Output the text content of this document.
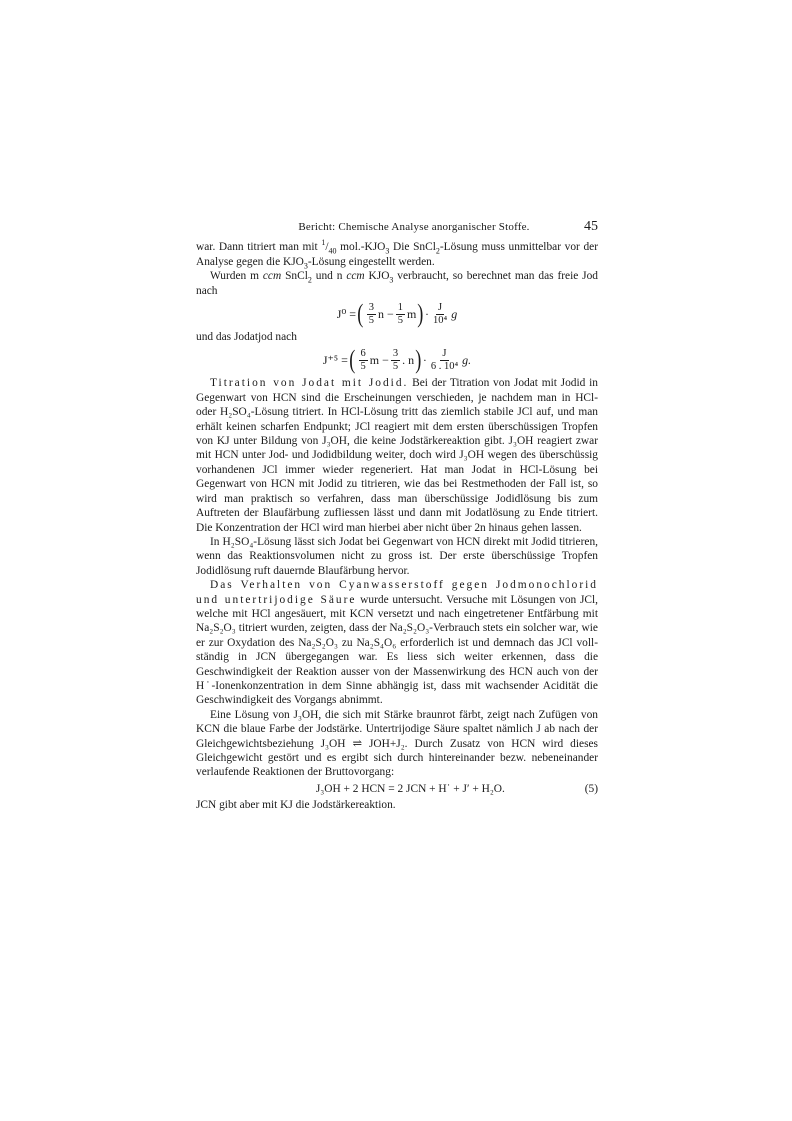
Bericht: Chemische Analyse anorganischer Stoffe.	45

war. Dann titriert man mit $^1/_{40}$ $mol.-KJO_3$ Die SnCl$_2$-Lösung muss unmittelbar vor der Analyse gegen die $KJO_3$-Lösung eingestellt werden.

Wurden m ccm SnCl$_2$ und n ccm $KJO_3$ verbraucht, so berechnet man das freie Jod nach

J⁰ = ( $\frac{3}{5}$ $n - \frac{1}{5}$ m ) · $\frac{J}{\text{10⁴}}$ g

und das Jodatjod nach

J⁺⁵ = ( $\frac{6}{5}$ $m - \frac{3}{5}$ . n ) · $\frac{J}{\text{6 . 10⁴}} g$.

Titration von Jodat mit Jodid. Bei der Titration von Jodat mit Jodid in Gegenwart von HCN sind die Erscheinungen verschieden, je nachdem man in HCl- oder H₂SO₄-Lösung titriert. In HCl-Lösung tritt das ziemlich stabile JCl auf, und man erhält keinen scharfen Endpunkt; JCl reagiert mit dem ersten überschüssigen Tropfen von KJ unter Bildung von J₃OH, die keine Jodstärkereaktion gibt. J₃OH reagiert zwar mit HCN unter Jod- und Jodidbildung weiter, doch wird J₃OH wegen des überschüssig vorhandenen JCl immer wieder regeneriert. Hat man Jodat in HCl-Lösung bei Gegenwart von HCN mit Jodid zu titrieren, wie das bei Restmethoden der Fall ist, so wird man praktisch so verfahren, dass man überschüssige Jodidlösung bis zum Auftreten der Blaufärbung zufliessen lässt und dann mit Jodatlösung zu Ende titriert. Die Konzentration der HCl wird man hierbei aber nicht über 2n hinaus gehen lassen.

In H₂SO₄-Lösung lässt sich Jodat bei Gegenwart von HCN direkt mit Jodid titrieren, wenn das Reaktionsvolumen nicht zu gross ist. Der erste überschüssige Tropfen Jodidlösung ruft dauernde Blaufärbung hervor.

Das Verhalten von Cyanwasserstoff gegen Jodmonochlorid und untertrijodige Säure wurde untersucht. Versuche mit Lösungen von JCl, welche mit HCl angesäuert, mit KCN versetzt und nach eingetretener Entfärbung mit Na₂S₂O₃ titriert wurden, zeigten, dass der Na₂S₂O₃-Verbrauch stets ein solcher war, wie er zur Oxydation des Na₂S₂O₃ zu Na₂S₄O₆ erforderlich ist und demnach das JCl vollständig in JCN übergegangen war. Es liess sich weiter erkennen, dass die Geschwindigkeit der Reaktion ausser von der Massenwirkung des HCN auch von der H˙-Ionenkonzentration in dem Sinne abhängig ist, dass mit wachsender Acidität die Geschwindigkeit des Vorgangs abnimmt.

Eine Lösung von J₃OH, die sich mit Stärke braunrot färbt, zeigt nach Zufügen von KCN die blaue Farbe der Jodstärke. Untertrijodige Säure spaltet nämlich J ab nach der Gleichgewichtsbeziehung J₃OH ⇌ JOH+J₂. Durch Zusatz von HCN wird dieses Gleichgewicht gestört und es ergibt sich durch hintereinander bezw. nebeneinander verlaufende Reaktionen der Bruttovorgang:

J₃OH + 2 HCN = 2 JCN + H˙ + J′ + H₂O.	(5)

JCN gibt aber mit KJ die Jodstärkereaktion.
